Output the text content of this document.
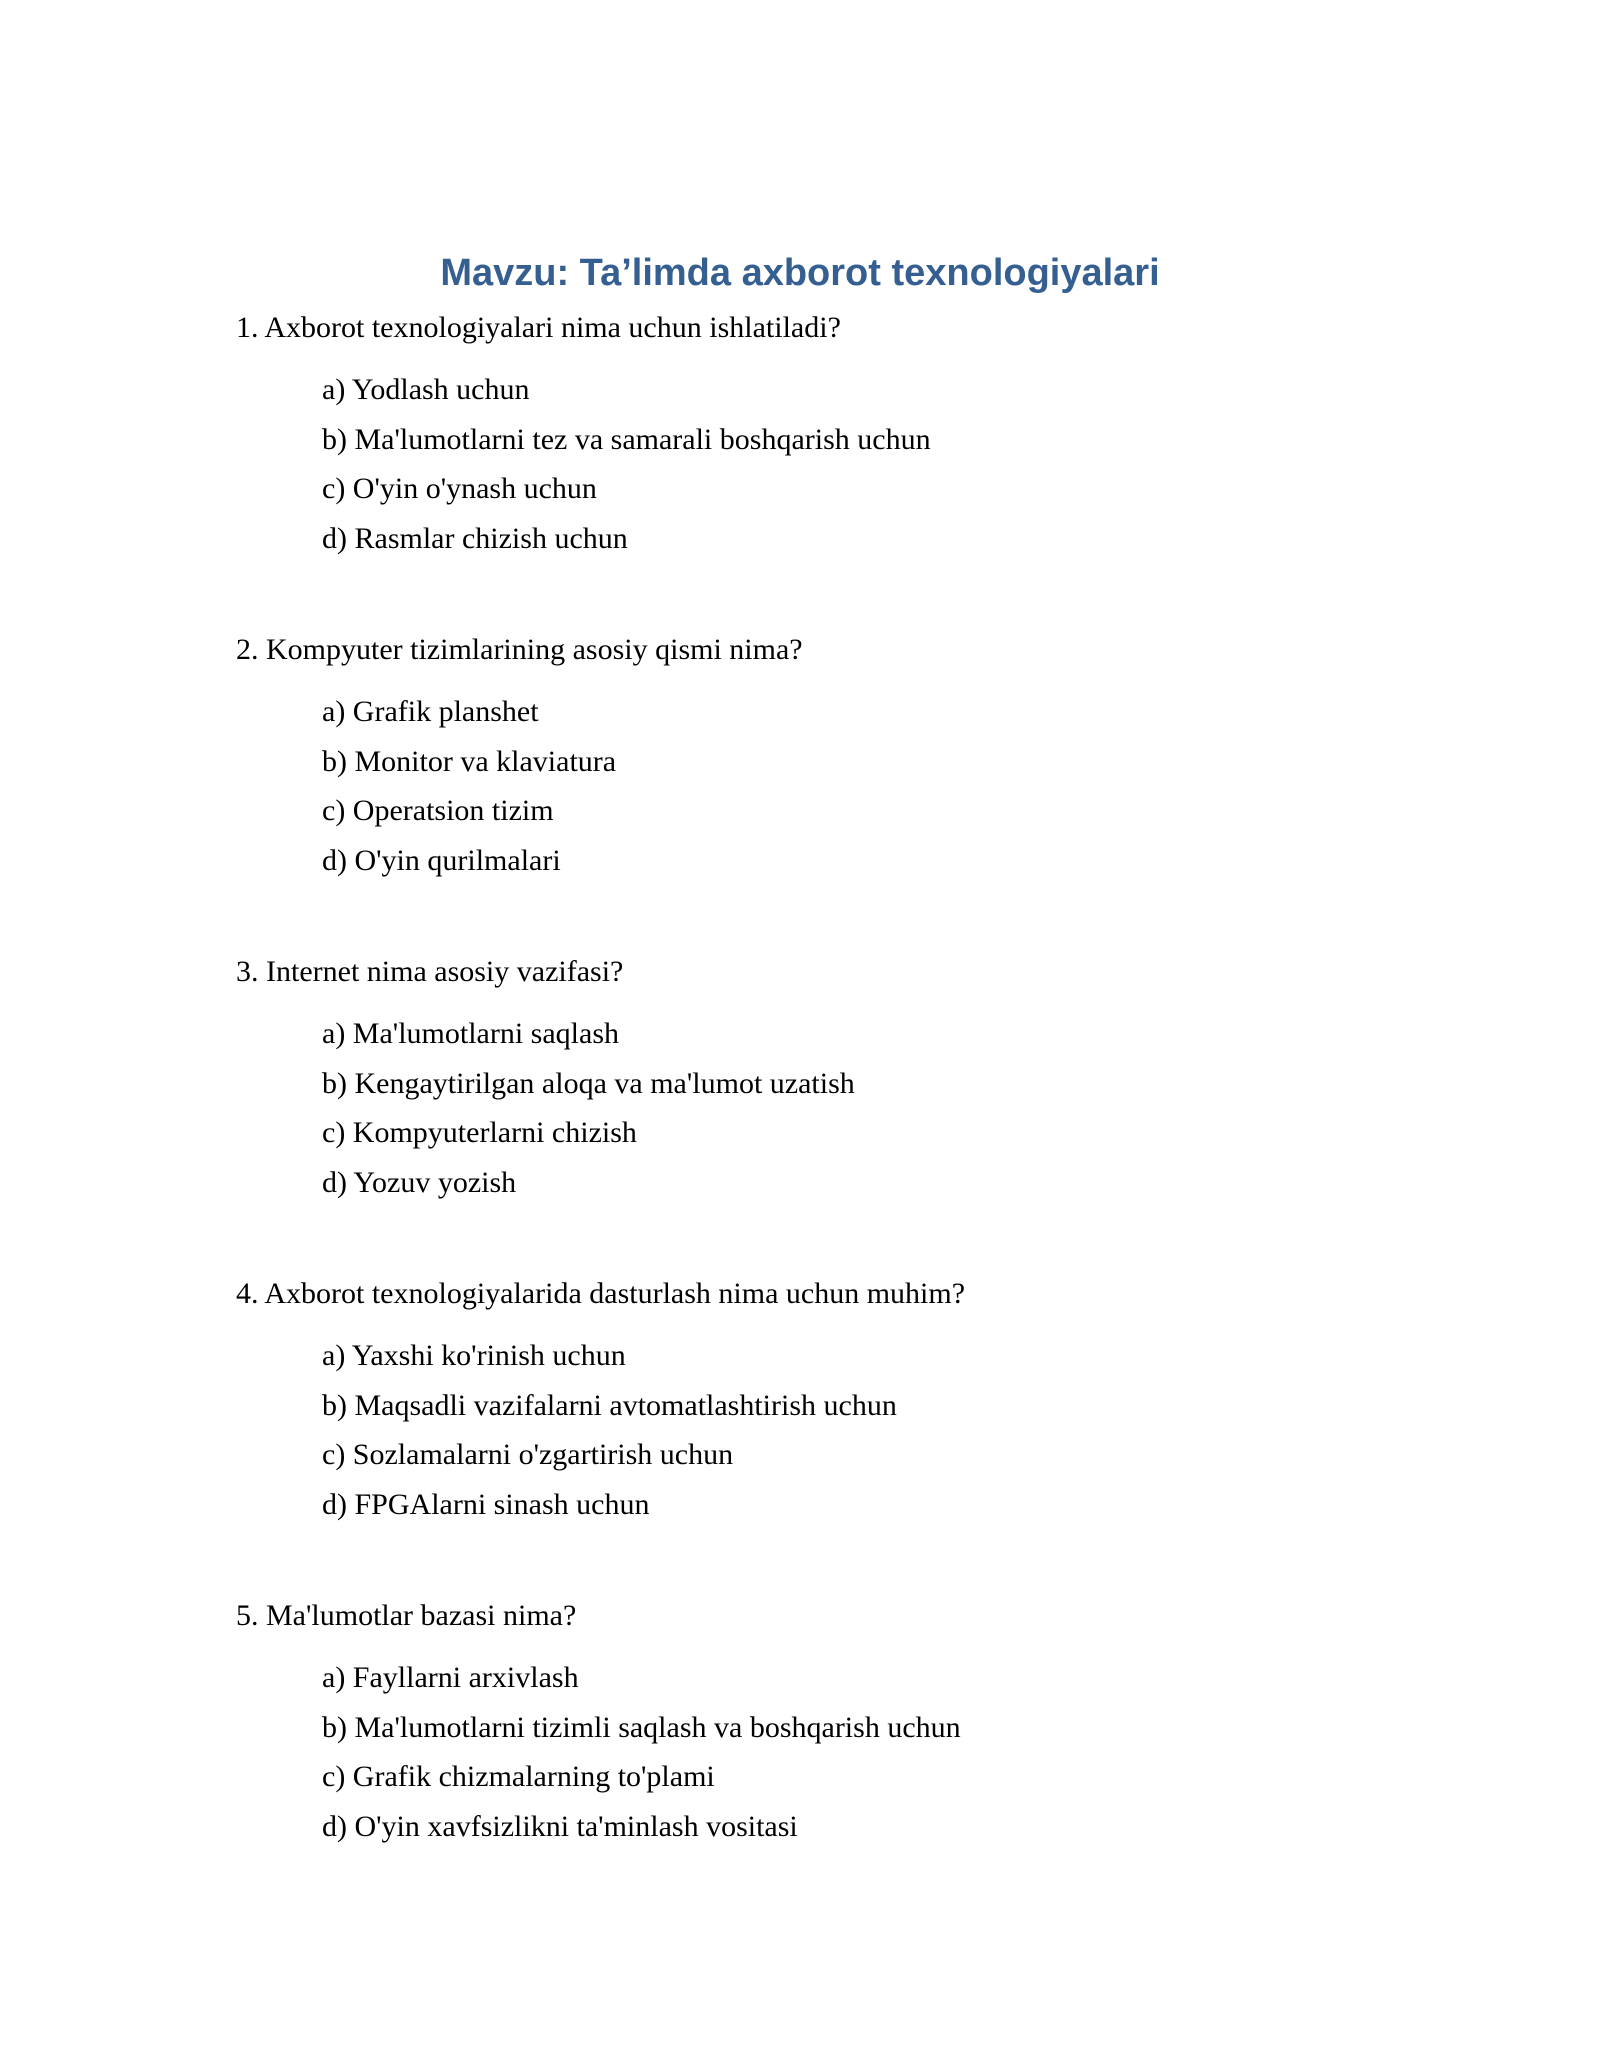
Mavzu: Ta’limda axborot texnologiyalari

1. Axborot texnologiyalari nima uchun ishlatiladi?

a) Yodlash uchun
b) Ma'lumotlarni tez va samarali boshqarish uchun
c) O'yin o'ynash uchun
d) Rasmlar chizish uchun

2. Kompyuter tizimlarining asosiy qismi nima?

a) Grafik planshet
b) Monitor va klaviatura
c) Operatsion tizim
d) O'yin qurilmalari

3. Internet nima asosiy vazifasi?

a) Ma'lumotlarni saqlash
b) Kengaytirilgan aloqa va ma'lumot uzatish
c) Kompyuterlarni chizish
d) Yozuv yozish

4. Axborot texnologiyalarida dasturlash nima uchun muhim?

a) Yaxshi ko'rinish uchun
b) Maqsadli vazifalarni avtomatlashtirish uchun
c) Sozlamalarni o'zgartirish uchun
d) FPGAlarni sinash uchun

5. Ma'lumotlar bazasi nima?

a) Fayllarni arxivlash
b) Ma'lumotlarni tizimli saqlash va boshqarish uchun
c) Grafik chizmalarning to'plami
d) O'yin xavfsizlikni ta'minlash vositasi
